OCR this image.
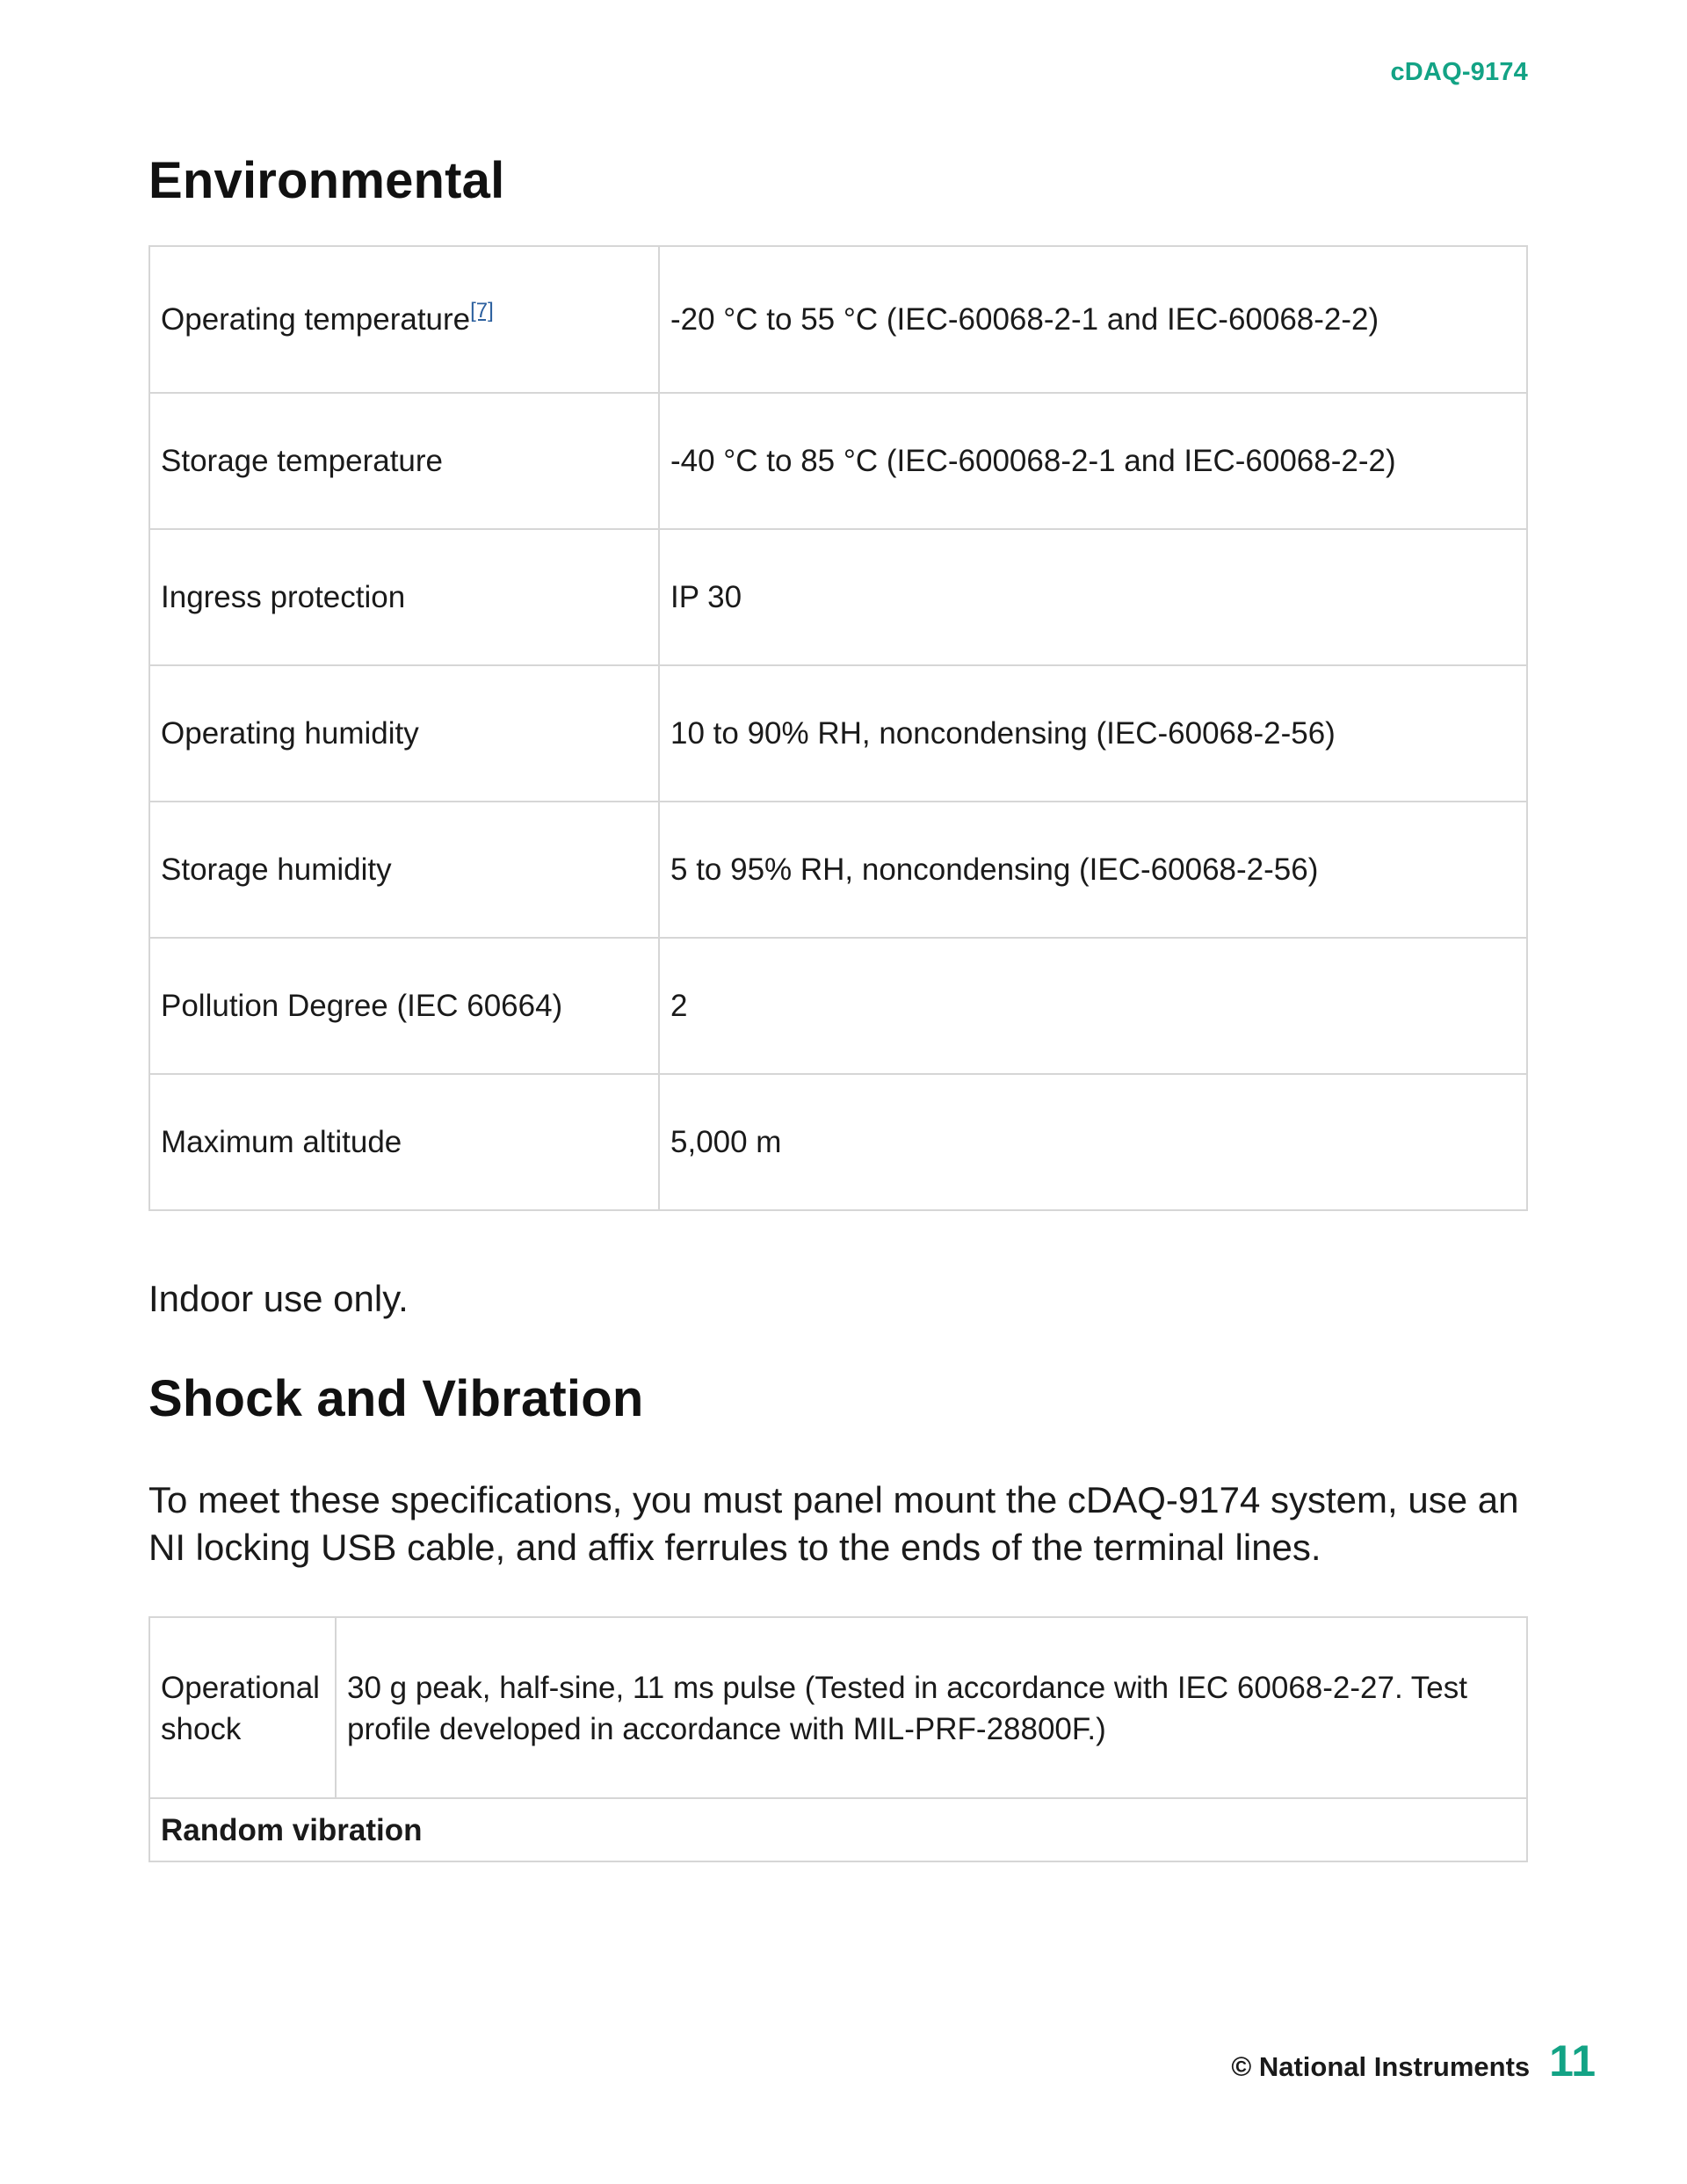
cDAQ-9174
Environmental
Operating temperature[7]	-20 °C to 55 °C (IEC-60068-2-1 and IEC-60068-2-2)
Storage temperature	-40 °C to 85 °C (IEC-600068-2-1 and IEC-60068-2-2)
Ingress protection	IP 30
Operating humidity	10 to 90% RH, noncondensing (IEC-60068-2-56)
Storage humidity	5 to 95% RH, noncondensing (IEC-60068-2-56)
Pollution Degree (IEC 60664)	2
Maximum altitude	5,000 m

Indoor use only.

Shock and Vibration

To meet these specifications, you must panel mount the cDAQ-9174 system, use an NI locking USB cable, and affix ferrules to the ends of the terminal lines.

Operational shock	30 g peak, half-sine, 11 ms pulse (Tested in accordance with IEC 60068-2-27. Test profile developed in accordance with MIL-PRF-28800F.)
Random vibration
© National Instruments 11
